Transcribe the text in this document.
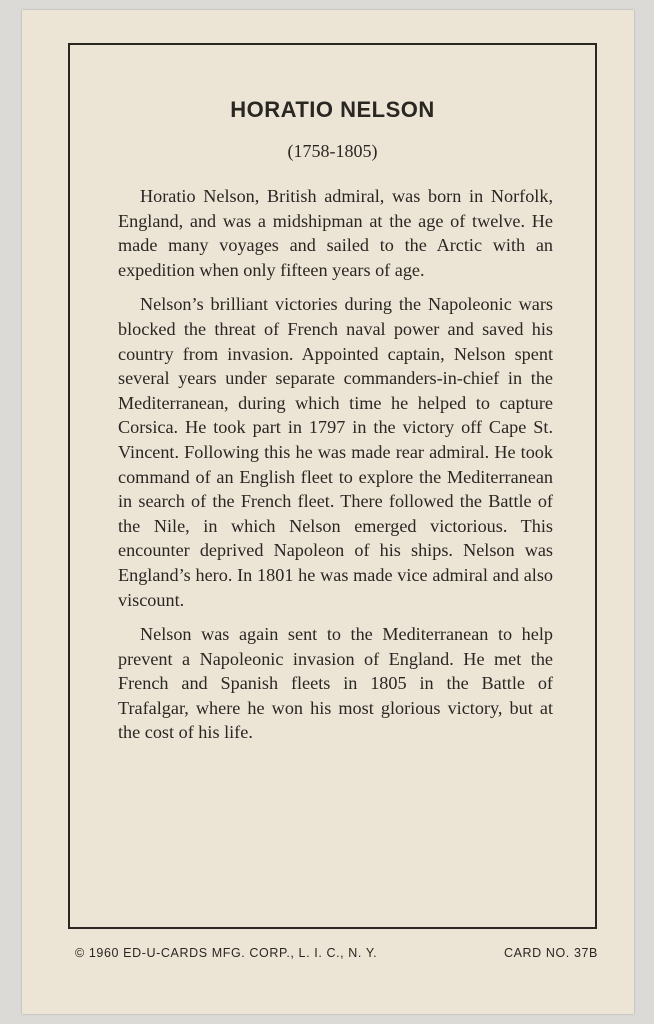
HORATIO NELSON
(1758-1805)

Horatio Nelson, British admiral, was born in Norfolk, England, and was a midshipman at the age of twelve. He made many voyages and sailed to the Arctic with an expedition when only fifteen years of age.

Nelson’s brilliant victories during the Napoleonic wars blocked the threat of French naval power and saved his country from invasion. Appointed captain, Nelson spent several years under separate commanders-in-chief in the Mediterranean, during which time he helped to capture Corsica. He took part in 1797 in the victory off Cape St. Vincent. Following this he was made rear admiral. He took command of an English fleet to explore the Mediterranean in search of the French fleet. There followed the Battle of the Nile, in which Nelson emerged victorious. This encounter deprived Napoleon of his ships. Nelson was England’s hero. In 1801 he was made vice admiral and also viscount.

Nelson was again sent to the Mediterranean to help prevent a Napoleonic invasion of England. He met the French and Spanish fleets in 1805 in the Battle of Trafalgar, where he won his most glorious victory, but at the cost of his life.

© 1960 ED-U-CARDS MFG. CORP., L. I. C., N. Y.	CARD NO. 37B
